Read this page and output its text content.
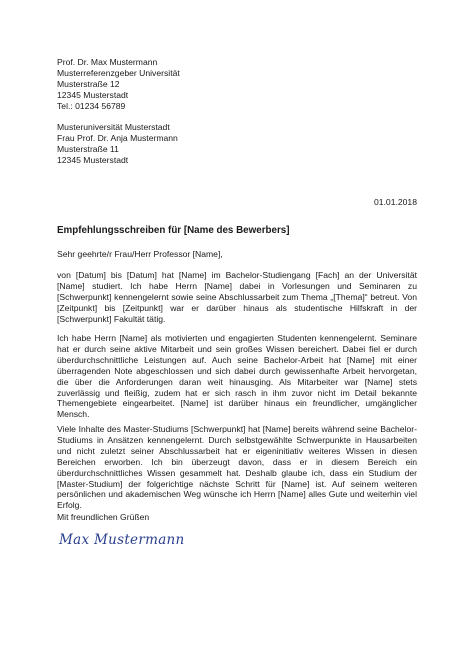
Prof. Dr. Max Mustermann
Musterreferenzgeber Universität
Musterstraße 12
12345 Musterstadt
Tel.: 01234 56789
Musteruniversität Musterstadt
Frau Prof. Dr. Anja Mustermann
Musterstraße 11
12345 Musterstadt
01.01.2018
Empfehlungsschreiben für [Name des Bewerbers]
Sehr geehrte/r Frau/Herr Professor [Name],
von [Datum] bis [Datum] hat [Name] im Bachelor-Studiengang [Fach] an der Universität [Name] studiert. Ich habe Herrn [Name] dabei in Vorlesungen und Seminaren zu [Schwerpunkt] kennengelernt sowie seine Abschlussarbeit zum Thema „[Thema]“ betreut. Von [Zeitpunkt] bis [Zeitpunkt] war er darüber hinaus als studentische Hilfskraft in der [Schwerpunkt] Fakultät tätig.
Ich habe Herrn [Name] als motivierten und engagierten Studenten kennengelernt. Seminare hat er durch seine aktive Mitarbeit und sein großes Wissen bereichert. Dabei fiel er durch überdurchschnittliche Leistungen auf. Auch seine Bachelor-Arbeit hat [Name] mit einer überragenden Note abgeschlossen und sich dabei durch gewissenhafte Arbeit hervorgetan, die über die Anforderungen daran weit hinausging. Als Mitarbeiter war [Name] stets zuverlässig und fleißig, zudem hat er sich rasch in ihm zuvor nicht im Detail bekannte Themengebiete eingearbeitet. [Name] ist darüber hinaus ein freundlicher, umgänglicher Mensch.
Viele Inhalte des Master-Studiums [Schwerpunkt] hat [Name] bereits während seine Bachelor-Studiums in Ansätzen kennengelernt. Durch selbstgewählte Schwerpunkte in Hausarbeiten und nicht zuletzt seiner Abschlussarbeit hat er eigeninitiativ weiteres Wissen in diesen Bereichen erworben. Ich bin überzeugt davon, dass er in diesem Bereich ein überdurchschnittliches Wissen gesammelt hat. Deshalb glaube ich, dass ein Studium der [Master-Studium] der folgerichtige nächste Schritt für [Name] ist. Auf seinem weiteren persönlichen und akademischen Weg wünsche ich Herrn [Name] alles Gute und weiterhin viel Erfolg.
Mit freundlichen Grüßen
Max Mustermann
